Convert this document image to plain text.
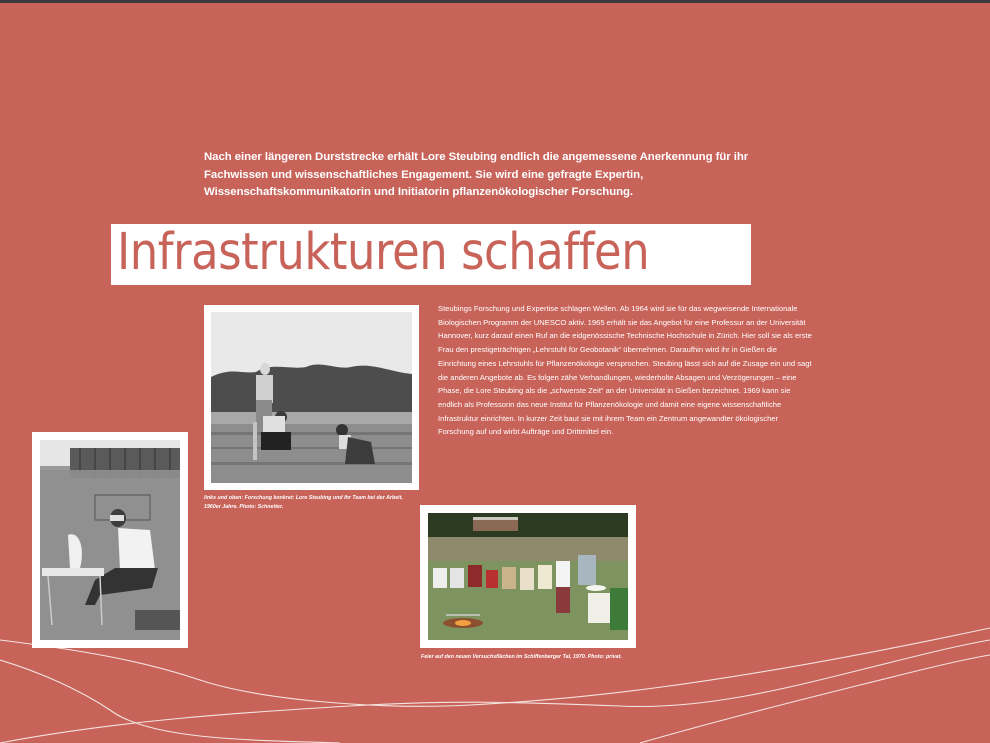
Nach einer längeren Durststrecke erhält Lore Steubing endlich die angemessene Anerkennung für ihr Fachwissen und wissenschaftliches Engagement. Sie wird eine gefragte Expertin, Wissenschaftskommunikatorin und Initiatorin pflanzenökologischer Forschung.
Infrastrukturen schaffen
Steubings Forschung und Expertise schlagen Wellen. Ab 1964 wird sie für das wegweisende Internationale Biologischen Programm der UNESCO aktiv. 1965 erhält sie das Angebot für eine Professur an der Universität Hannover, kurz darauf einen Ruf an die eidgenössische Technische Hochschule in Zürich. Hier soll sie als erste Frau den prestigeträchtigen „Lehrstuhl für Geobotanik“ übernehmen. Daraufhin wird ihr in Gießen die Einrichtung eines Lehrstuhls für Pflanzenökologie versprochen. Steubing lässt sich auf die Zusage ein und sagt die anderen Angebote ab. Es folgen zähe Verhandlungen, wiederholte Absagen und Verzögerungen – eine Phase, die Lore Steubing als die „schwerste Zeit“ an der Universität in Gießen bezeichnet. 1969 kann sie endlich als Professorin das neue Institut für Pflanzenökologie und damit eine eigene wissenschaftliche Infrastruktur einrichten. In kurzer Zeit baut sie mit ihrem Team ein Zentrum angewandter ökologischer Forschung auf und wirbt Aufträge und Drittmittel ein.
links und oben: Forschung konkret: Lore Steubing und ihr Team bei der Arbeit, 1960er Jahre. Photo: Schnetter.
Feier auf den neuen Versuchsflächen im Schiffenberger Tal, 1970. Photo: privat.
